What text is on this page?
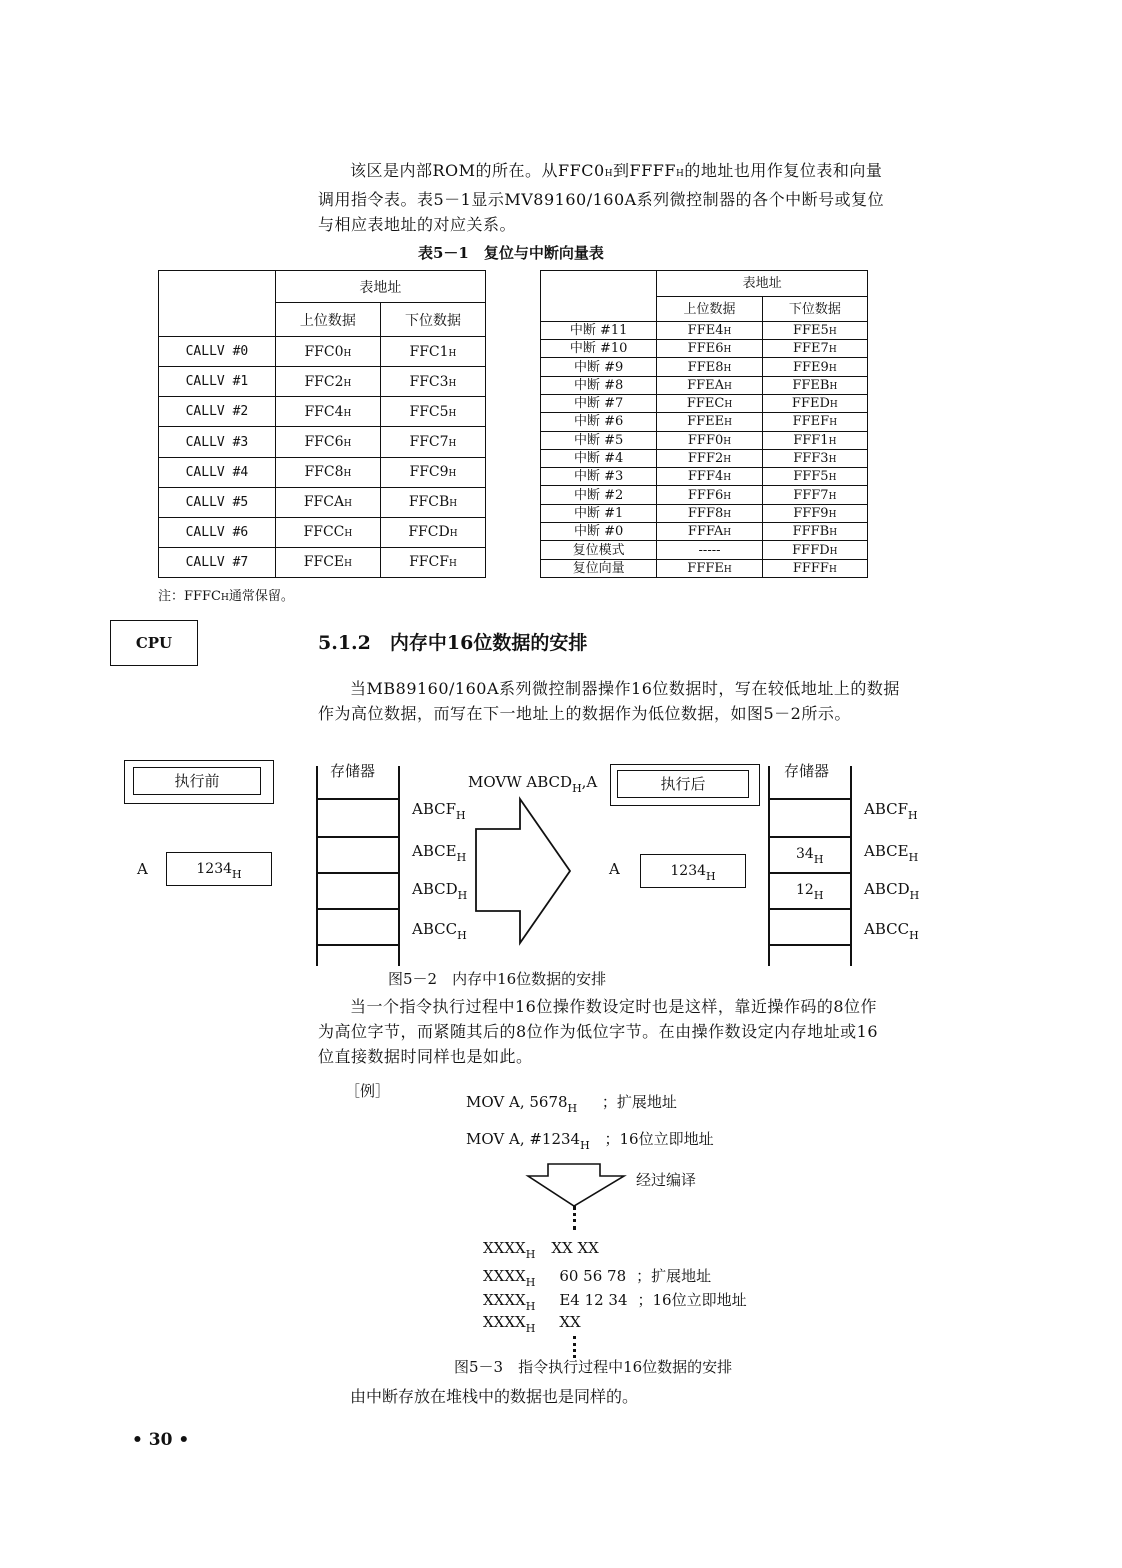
该区是内部ROM的所在。从FFC0H到FFFFH的地址也用作复位表和向量

调用指令表。表5－1显示MV89160/160A系列微控制器的各个中断号或复位

与相应表地址的对应关系。

表5－1　复位与中断向量表
	表地址	
	上位数据	下位数据
CALLV #0	FFC0H	FFC1H
CALLV #1	FFC2H	FFC3H
CALLV #2	FFC4H	FFC5H
CALLV #3	FFC6H	FFC7H
CALLV #4	FFC8H	FFC9H
CALLV #5	FFCAH	FFCBH
CALLV #6	FFCCH	FFCDH
CALLV #7	FFCEH	FFCFH
	表地址	
	上位数据	下位数据
中断 #11	FFE4H	FFE5H
中断 #10	FFE6H	FFE7H
中断 #9	FFE8H	FFE9H
中断 #8	FFEAH	FFEBH
中断 #7	FFECH	FFEDH
中断 #6	FFEEH	FFEFH
中断 #5	FFF0H	FFF1H
中断 #4	FFF2H	FFF3H
中断 #3	FFF4H	FFF5H
中断 #2	FFF6H	FFF7H
中断 #1	FFF8H	FFF9H
中断 #0	FFFAH	FFFBH
复位模式	-----	FFFDH
复位向量	FFFEH	FFFFH
注：FFFCH通常保留。
CPU	5.1.2　内存中16位数据的安排

当MB89160/160A系列微控制器操作16位数据时，写在较低地址上的数据

作为高位数据，而写在下一地址上的数据作为低位数据，如图5－2所示。

执行前
A	$1234_H$
存储器
$ABCF_H$
$ABCE_H$
$ABCD_H$
$ABCC_H$
MOVW $ABCD_H,A$	执行后
A	$1234_H$
存储器
$34_H$
$12_H$
$ABCF_H$
$ABCE_H$
$ABCD_H$
$ABCC_H$
图5－2　内存中16位数据的安排

当一个指令执行过程中16位操作数设定时也是这样，靠近操作码的8位作

为高位字节，而紧随其后的8位作为低位字节。在由操作数设定内存地址或16

位直接数据时同样也是如此。

［例］
MOV A, $5678_H$ ；扩展地址
MOV A, $\#1234_H$ ；16位立即地址
经过编译
$XXXX_H$ XX XX
$XXXX_H$ 60 56 78 ；扩展地址
$XXXX_H$ E4 12 34 ；16位立即地址
$XXXX_H$ XX
图5－3　指令执行过程中16位数据的安排
由中断存放在堆栈中的数据也是同样的。
• 30 •
